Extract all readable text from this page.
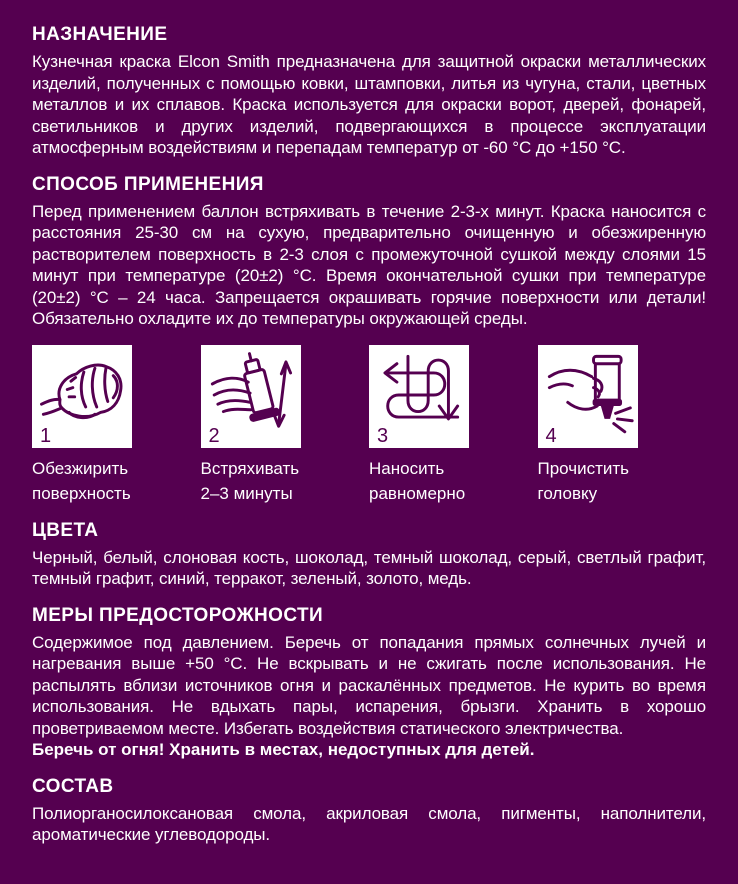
НАЗНАЧЕНИЕ

Кузнечная краска Elcon Smith предназначена для защитной окраски металлических изделий, полученных с помощью ковки, штамповки, литья из чугуна, стали, цветных металлов и их сплавов. Краска используется для окраски ворот, дверей, фонарей, светильников и других изделий, подвергающихся в процессе эксплуатации атмосферным воздействиям и перепадам температур от -60 °С до +150 °С.

СПОСОБ ПРИМЕНЕНИЯ

Перед применением баллон встряхивать в течение 2-3-х минут. Краска наносится с расстояния 25-30 см на сухую, предварительно очищенную и обезжиренную растворителем поверхность в 2-3 слоя с промежуточной сушкой между слоями 15 минут при температуре (20±2) °С. Время окончательной сушки при температуре (20±2) °С – 24 часа. Запрещается окрашивать горячие поверхности или детали! Обязательно охладите их до температуры окружающей среды.

1
Обезжирить
поверхность
2
Встряхивать
2–3 минуты
3
Наносить
равномерно
4
Прочистить
головку
ЦВЕТА

Черный, белый, слоновая кость, шоколад, темный шоколад, серый, светлый графит, темный графит, синий, терракот, зеленый, золото, медь.

МЕРЫ ПРЕДОСТОРОЖНОСТИ

Содержимое под давлением. Беречь от попадания прямых солнечных лучей и нагревания выше +50 °С. Не вскрывать и не сжигать после использования. Не распылять вблизи источников огня и раскалённых предметов. Не курить во время использования. Не вдыхать пары, испарения, брызги. Хранить в хорошо проветриваемом месте. Избегать воздействия статического электричества.

Беречь от огня! Хранить в местах, недоступных для детей.

СОСТАВ

Полиорганосилоксановая смола, акриловая смола, пигменты, наполнители, ароматические углеводороды.
